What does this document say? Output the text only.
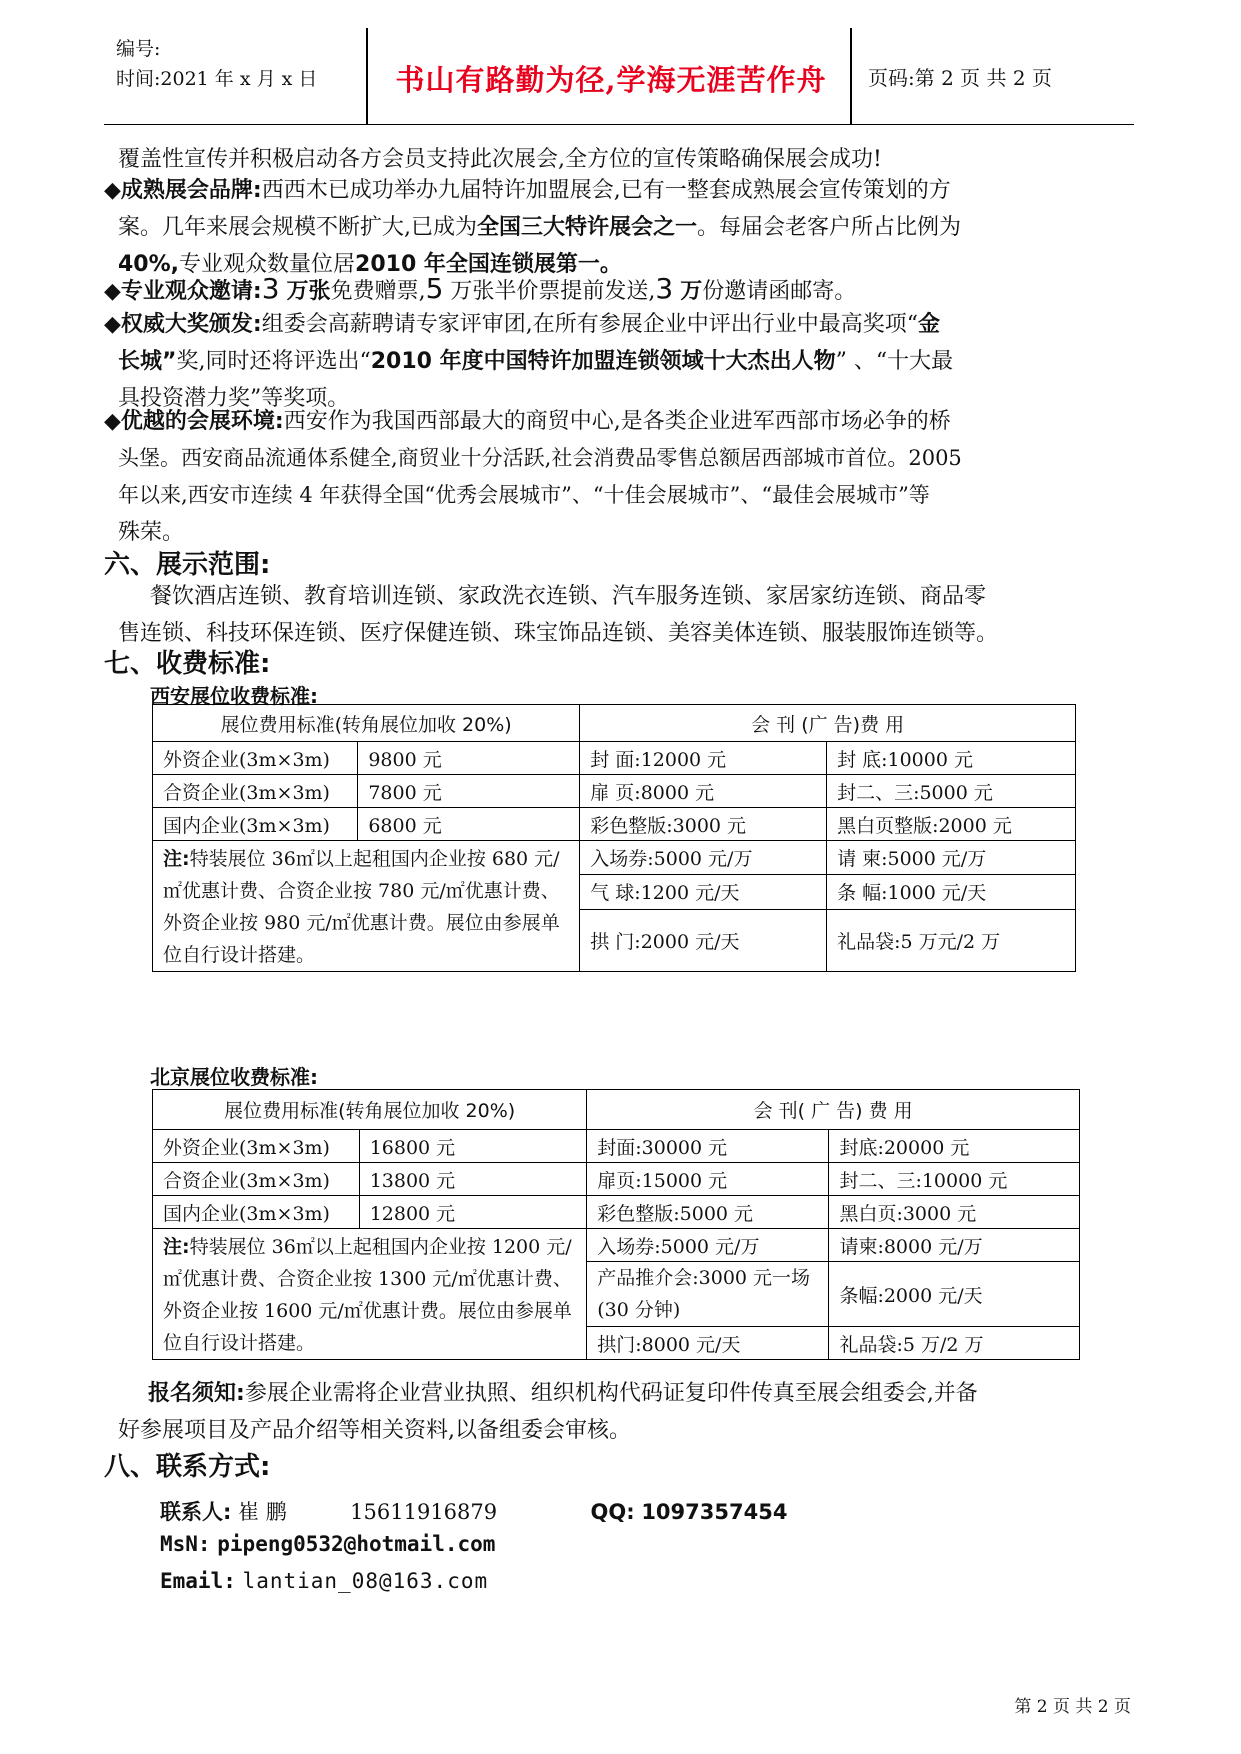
编号:
时间:2021 年 x 月 x 日	书山有路勤为径,学海无涯苦作舟	页码:第 2 页 共 2 页
覆盖性宣传并积极启动各方会员支持此次展会,全方位的宣传策略确保展会成功!
◆成熟展会品牌:西西木已成功举办九届特许加盟展会,已有一整套成熟展会宣传策划的方
案。几年来展会规模不断扩大,已成为全国三大特许展会之一。每届会老客户所占比例为
40%,专业观众数量位居2010 年全国连锁展第一。
◆专业观众邀请:3 万张免费赠票,5 万张半价票提前发送,3 万份邀请函邮寄。
◆权威大奖颁发:组委会高薪聘请专家评审团,在所有参展企业中评出行业中最高奖项“金
长城”奖,同时还将评选出“2010 年度中国特许加盟连锁领域十大杰出人物” 、“十大最
具投资潜力奖”等奖项。
◆优越的会展环境:西安作为我国西部最大的商贸中心,是各类企业进军西部市场必争的桥
头堡。西安商品流通体系健全,商贸业十分活跃,社会消费品零售总额居西部城市首位。2005
年以来,西安市连续 4 年获得全国“优秀会展城市”、“十佳会展城市”、“最佳会展城市”等
殊荣。
六、展示范围:
餐饮酒店连锁、教育培训连锁、家政洗衣连锁、汽车服务连锁、家居家纺连锁、商品零
售连锁、科技环保连锁、医疗保健连锁、珠宝饰品连锁、美容美体连锁、服装服饰连锁等。
七、收费标准:
西安展位收费标准:
展位费用标准(转角展位加收 20%)		会 刊 (广 告)费 用	
外资企业(3m×3m)	9800 元	封 面:12000 元	封 底:10000 元
合资企业(3m×3m)	7800 元	扉 页:8000 元	封二、三:5000 元
国内企业(3m×3m)	6800 元	彩色整版:3000 元	黑白页整版:2000 元
注:特装展位 36㎡以上起租国内企业按 680 元/㎡优惠计费、合资企业按 780 元/㎡优惠计费、外资企业按 980 元/㎡优惠计费。展位由参展单位自行设计搭建。		入场券:5000 元/万	请 柬:5000 元/万
		气 球:1200 元/天	条 幅:1000 元/天
		拱 门:2000 元/天	礼品袋:5 万元/2 万
北京展位收费标准:
展位费用标准(转角展位加收 20%)		会 刊( 广 告) 费 用	
外资企业(3m×3m)	16800 元	封面:30000 元	封底:20000 元
合资企业(3m×3m)	13800 元	扉页:15000 元	封二、三:10000 元
国内企业(3m×3m)	12800 元	彩色整版:5000 元	黑白页:3000 元
注:特装展位 36㎡以上起租国内企业按 1200 元/㎡优惠计费、合资企业按 1300 元/㎡优惠计费、外资企业按 1600 元/㎡优惠计费。展位由参展单位自行设计搭建。		入场券:5000 元/万	请柬:8000 元/万
		产品推介会:3000 元一场(30 分钟)	条幅:2000 元/天
		拱门:8000 元/天	礼品袋:5 万/2 万
报名须知:参展企业需将企业营业执照、组织机构代码证复印件传真至展会组委会,并备
好参展项目及产品介绍等相关资料,以备组委会审核。
八、联系方式:
联系人: 崔 鹏	15611916879	QQ: 1097357454
MsN: pipeng0532@hotmail.com
Email: lantian_08@163.com
第 2 页 共 2 页
